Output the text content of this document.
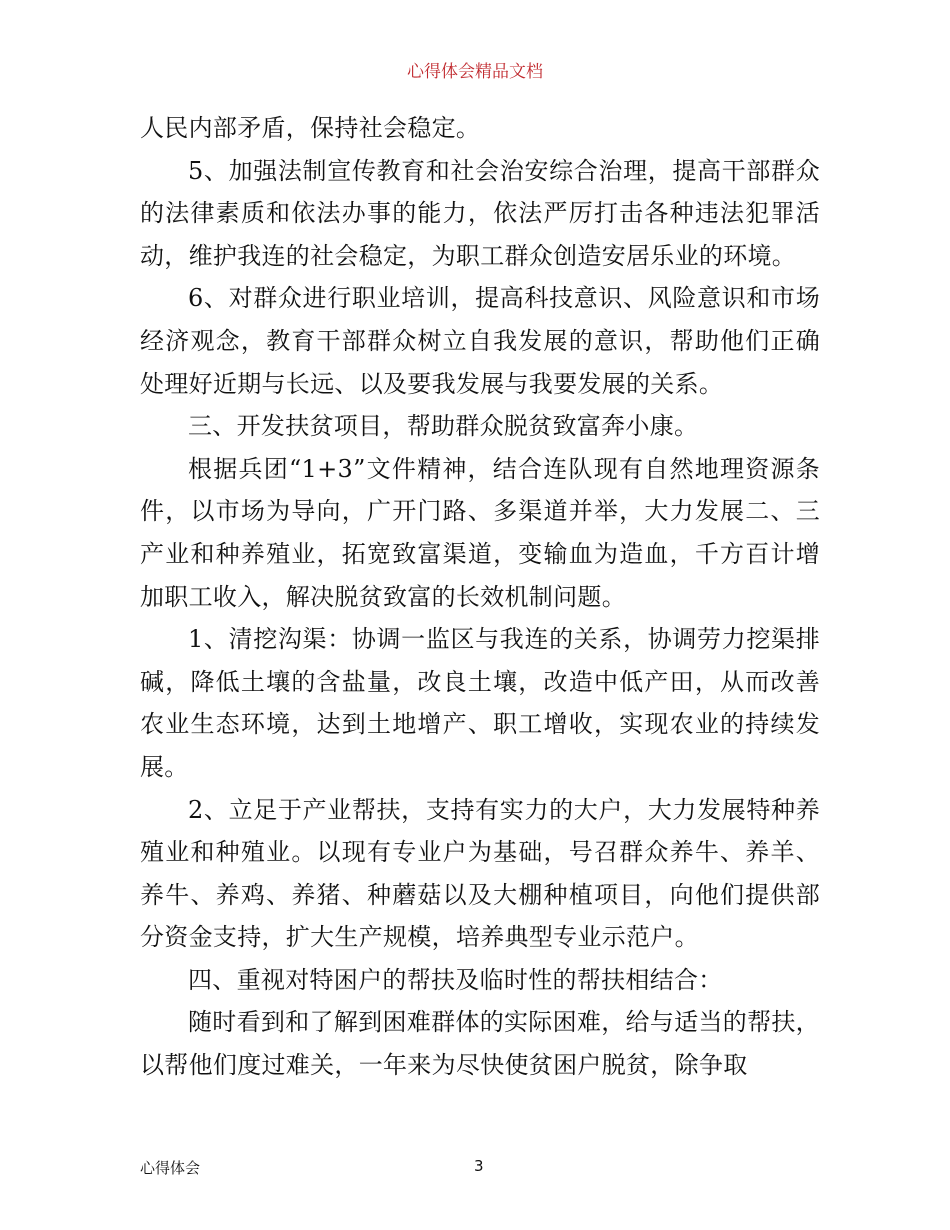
心得体会精品文档

人民内部矛盾，保持社会稳定。

5、加强法制宣传教育和社会治安综合治理，提高干部群众的法律素质和依法办事的能力，依法严厉打击各种违法犯罪活动，维护我连的社会稳定，为职工群众创造安居乐业的环境。

6、对群众进行职业培训，提高科技意识、风险意识和市场经济观念，教育干部群众树立自我发展的意识，帮助他们正确处理好近期与长远、以及要我发展与我要发展的关系。

三、开发扶贫项目，帮助群众脱贫致富奔小康。

根据兵团“1+3”文件精神，结合连队现有自然地理资源条件，以市场为导向，广开门路、多渠道并举，大力发展二、三产业和种养殖业，拓宽致富渠道，变输血为造血，千方百计增加职工收入，解决脱贫致富的长效机制问题。

1、清挖沟渠：协调一监区与我连的关系，协调劳力挖渠排碱，降低土壤的含盐量，改良土壤，改造中低产田，从而改善农业生态环境，达到土地增产、职工增收，实现农业的持续发展。

2、立足于产业帮扶，支持有实力的大户，大力发展特种养殖业和种殖业。以现有专业户为基础，号召群众养牛、养羊、养牛、养鸡、养猪、种蘑菇以及大棚种植项目，向他们提供部分资金支持，扩大生产规模，培养典型专业示范户。

四、重视对特困户的帮扶及临时性的帮扶相结合：

随时看到和了解到困难群体的实际困难，给与适当的帮扶，以帮他们度过难关，一年来为尽快使贫困户脱贫，除争取

心得体会	3
